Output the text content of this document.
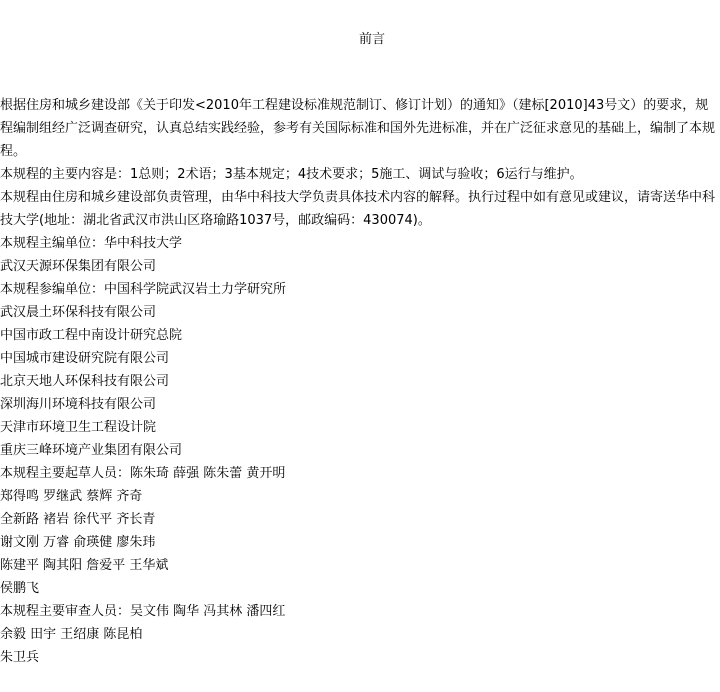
前言

根据住房和城乡建设部《关于印发<2010年工程建设标准规范制订、修订计划）的通知》（建标[2010]43号文）的要求，规程编制组经广泛调查研究，认真总结实践经验，参考有关国际标准和国外先进标准，并在广泛征求意见的基础上，编制了本规程。

本规程的主要内容是：1总则；2术语；3基本规定；4技术要求；5施工、调试与验收；6运行与维护。

本规程由住房和城乡建设部负责管理，由华中科技大学负责具体技术内容的解释。执行过程中如有意见或建议，请寄送华中科技大学(地址：湖北省武汉市洪山区珞瑜路1037号，邮政编码：430074)。

本规程主编单位：华中科技大学

武汉天源环保集团有限公司

本规程参编单位：中国科学院武汉岩土力学研究所

武汉晨土环保科技有限公司

中国市政工程中南设计研究总院

中国城市建设研究院有限公司

北京天地人环保科技有限公司

深圳海川环境科技有限公司

天津市环境卫生工程设计院

重庆三峰环境产业集团有限公司

本规程主要起草人员：陈朱琦 薛强 陈朱蕾 黄开明

郑得鸣 罗继武 蔡辉 齐奇

全新路 褚岩 徐代平 齐长青

谢文刚 万睿 俞瑛健 廖朱玮

陈建平 陶其阳 詹爱平 王华斌

侯鹏飞

本规程主要审查人员：吴文伟 陶华 冯其林 潘四红

余毅 田宇 王绍康 陈昆柏

朱卫兵
